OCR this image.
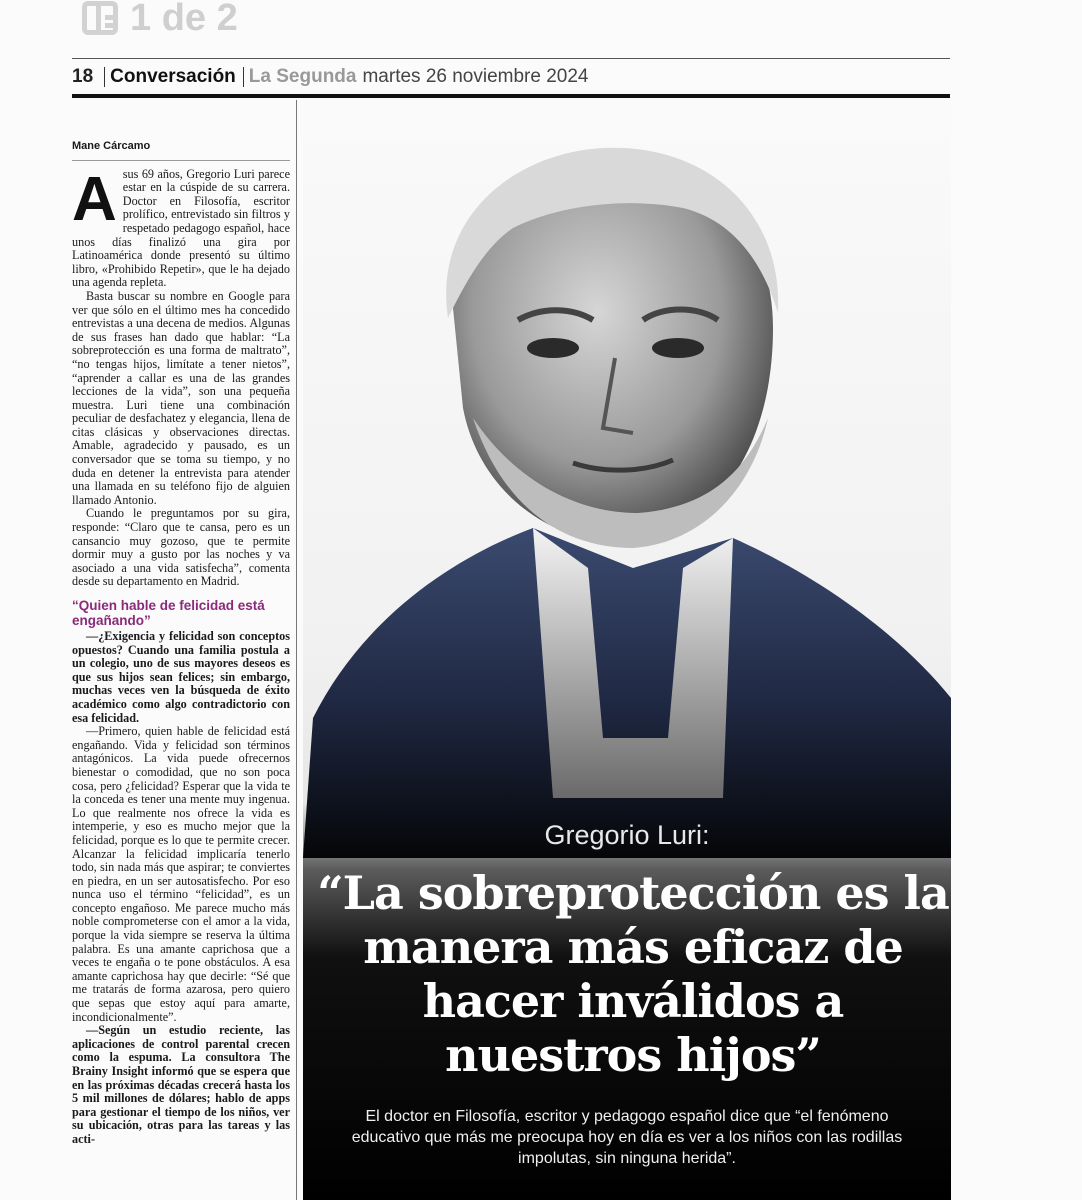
1 de 2
18 Conversación La Segunda martes 26 noviembre 2024
Mane Cárcamo

Asus 69 años, Gregorio Luri parece estar en la cúspide de su carrera. Doctor en Filosofía, escritor prolífico, entrevistado sin filtros y respetado pedagogo español, hace unos días finalizó una gira por Latinoamérica donde presentó su último libro, «Prohibido Repetir», que le ha dejado una agenda repleta.

Basta buscar su nombre en Google para ver que sólo en el último mes ha concedido entrevistas a una decena de medios. Algunas de sus frases han dado que hablar: “La sobreprotección es una forma de maltrato”, “no tengas hijos, limítate a tener nietos”, “aprender a callar es una de las grandes lecciones de la vida”, son una pequeña muestra. Luri tiene una combinación peculiar de desfachatez y elegancia, llena de citas clásicas y observaciones directas. Amable, agradecido y pausado, es un conversador que se toma su tiempo, y no duda en detener la entrevista para atender una llamada en su teléfono fijo de alguien llamado Antonio.

Cuando le preguntamos por su gira, responde: “Claro que te cansa, pero es un cansancio muy gozoso, que te permite dormir muy a gusto por las noches y va asociado a una vida satisfecha”, comenta desde su departamento en Madrid.

“Quien hable de felicidad está engañando”

—¿Exigencia y felicidad son conceptos opuestos? Cuando una familia postula a un colegio, uno de sus mayores deseos es que sus hijos sean felices; sin embargo, muchas veces ven la búsqueda de éxito académico como algo contradictorio con esa felicidad.

—Primero, quien hable de felicidad está engañando. Vida y felicidad son términos antagónicos. La vida puede ofrecernos bienestar o comodidad, que no son poca cosa, pero ¿felicidad? Esperar que la vida te la conceda es tener una mente muy ingenua. Lo que realmente nos ofrece la vida es intemperie, y eso es mucho mejor que la felicidad, porque es lo que te permite crecer. Alcanzar la felicidad implicaría tenerlo todo, sin nada más que aspirar; te conviertes en piedra, en un ser autosatisfecho. Por eso nunca uso el término “felicidad”, es un concepto engañoso. Me parece mucho más noble comprometerse con el amor a la vida, porque la vida siempre se reserva la última palabra. Es una amante caprichosa que a veces te engaña o te pone obstáculos. A esa amante caprichosa hay que decirle: “Sé que me tratarás de forma azarosa, pero quiero que sepas que estoy aquí para amarte, incondicionalmente”.

—Según un estudio reciente, las aplicaciones de control parental crecen como la espuma. La consultora The Brainy Insight informó que se espera que en las próximas décadas crecerá hasta los 5 mil millones de dólares; hablo de apps para gestionar el tiempo de los niños, ver su ubicación, otras para las tareas y las acti-

Gregorio Luri:
“La sobreprotección es la manera más eficaz de hacer inválidos a nuestros hijos”
El doctor en Filosofía, escritor y pedagogo español dice que “el fenómeno educativo que más me preocupa hoy en día es ver a los niños con las rodillas impolutas, sin ninguna herida”.
